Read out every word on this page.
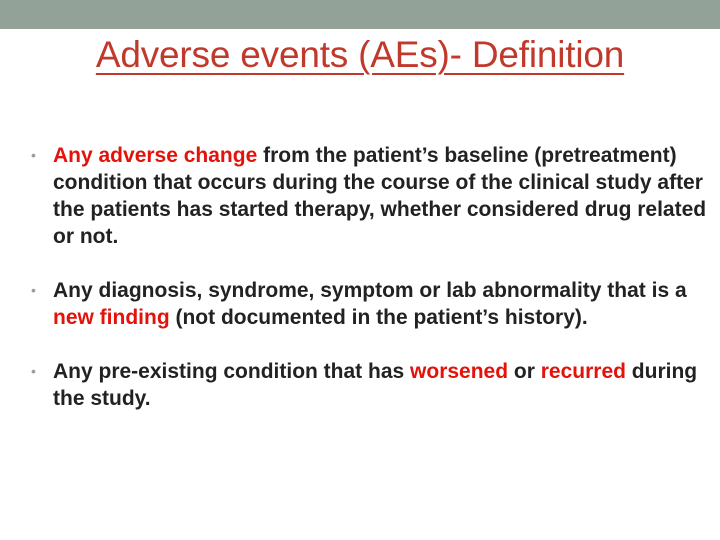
Adverse events (AEs)- Definition
• Any adverse change from the patient’s baseline (pretreatment) condition that occurs during the course of the clinical study after the patients has started therapy, whether considered drug related or not.
• Any diagnosis, syndrome, symptom or lab abnormality that is a new finding (not documented in the patient’s history).
• Any pre-existing condition that has worsened or recurred during the study.
